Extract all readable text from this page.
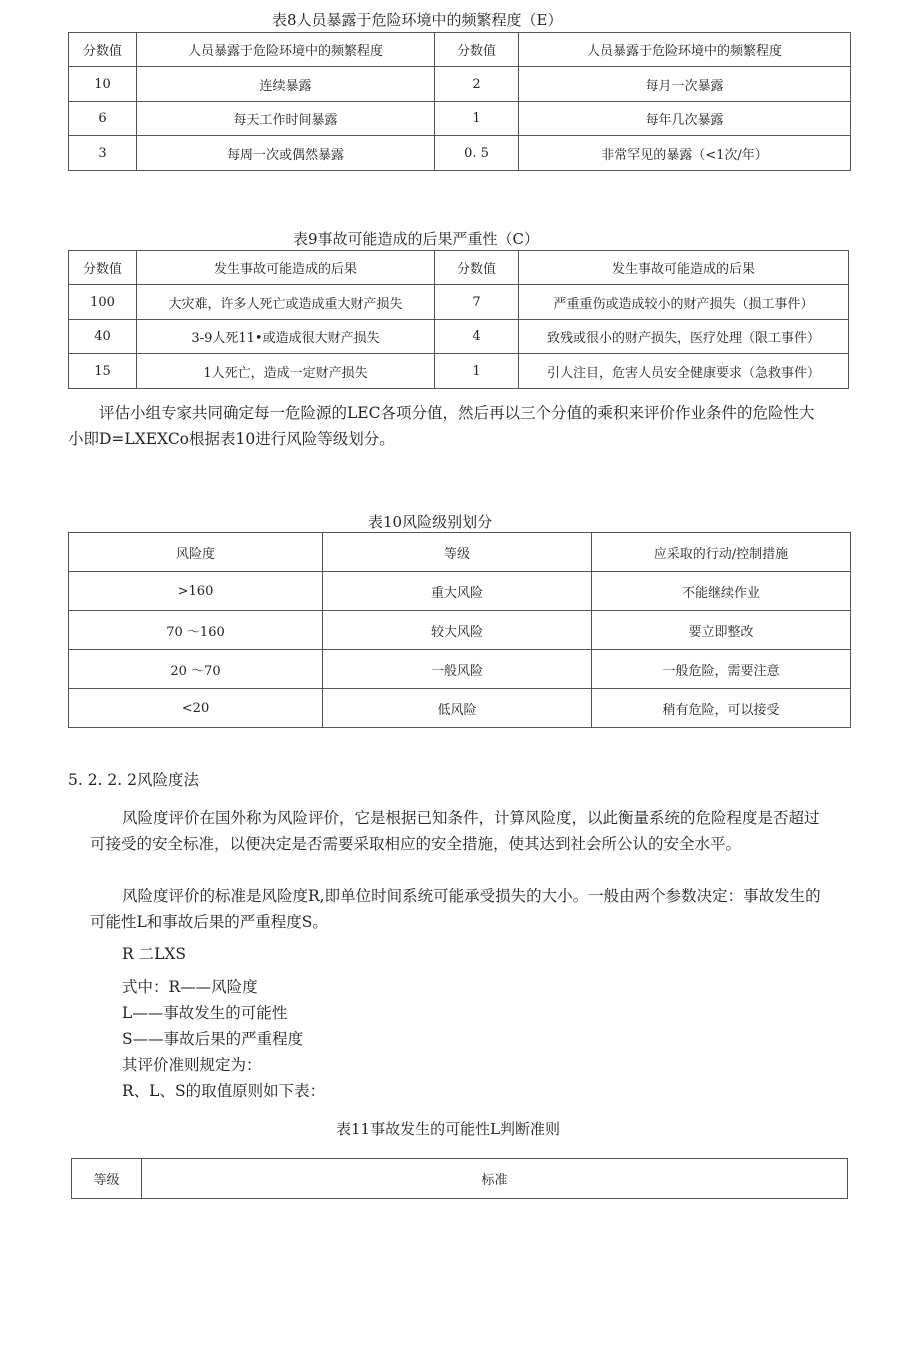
表8人员暴露于危险环境中的频繁程度（E）
分数值	人员暴露于危险环境中的频繁程度	分数值	人员暴露于危险环境中的频繁程度
10	连续暴露	2	每月一次暴露
6	每天工作时间暴露	1	每年几次暴露
3	每周一次或偶然暴露	0. 5	非常罕见的暴露（<1次/年）
表9事故可能造成的后果严重性（C）
分数值	发生事故可能造成的后果	分数值	发生事故可能造成的后果
100	大灾难，许多人死亡或造成重大财产损失	7	严重重伤或造成较小的财产损失（损工事件）
40	3-9人死11•或造成很大财产损失	4	致残或很小的财产损失，医疗处理（限工事件）
15	1人死亡，造成一定财产损失	1	引人注目，危害人员安全健康要求（急救事件）
评估小组专家共同确定每一危险源的LEC各项分值，然后再以三个分值的乘积来评价作业条件的危险性大小即D=LXEXCo根据表10进行风险等级划分。
表10风险级别划分
风险度	等级	应采取的行动/控制措施
>160	重大风险	不能继续作业
70 ～160	较大风险	要立即整改
20 ～70	一般风险	一般危险，需要注意
<20	低风险	稍有危险，可以接受
5. 2. 2. 2风险度法
风险度评价在国外称为风险评价，它是根据已知条件，计算风险度，以此衡量系统的危险程度是否超过可接受的安全标准，以便决定是否需要采取相应的安全措施，使其达到社会所公认的安全水平。
风险度评价的标准是风险度R,即单位时间系统可能承受损失的大小。一般由两个参数决定：事故发生的可能性L和事故后果的严重程度S。
R 二LXS
式中：R——风险度
L——事故发生的可能性
S——事故后果的严重程度
其评价准则规定为：
R、L、S的取值原则如下表：
表11事故发生的可能性L判断准则
等级	标准
